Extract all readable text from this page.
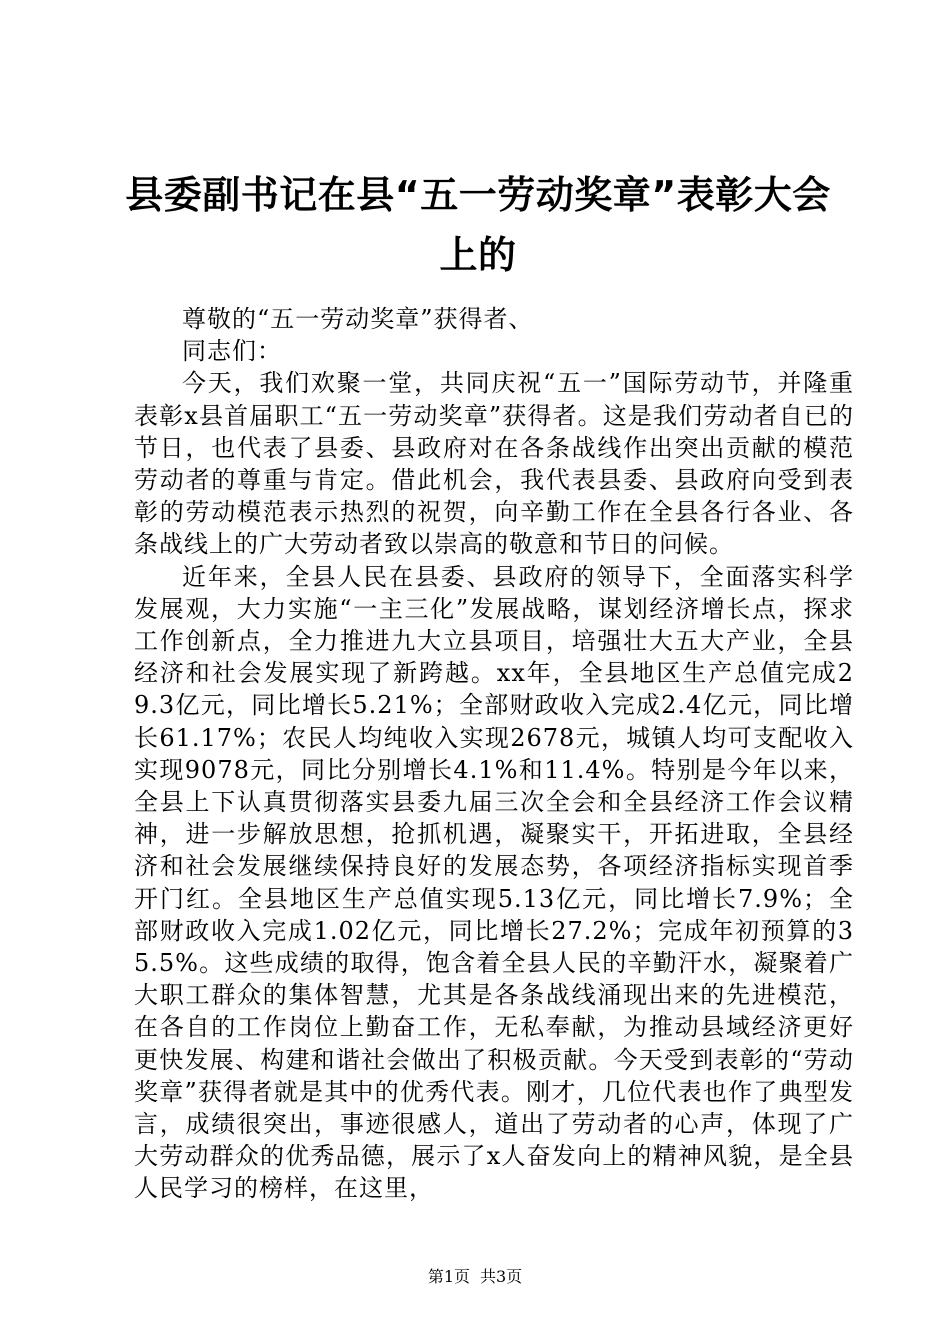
县委副书记在县“五一劳动奖章”表彰大会上的

尊敬的“五一劳动奖章”获得者、

同志们：

今天，我们欢聚一堂，共同庆祝“五一”国际劳动节，并隆重表彰x县首届职工“五一劳动奖章”获得者。这是我们劳动者自已的节日，也代表了县委、县政府对在各条战线作出突出贡献的模范劳动者的尊重与肯定。借此机会，我代表县委、县政府向受到表彰的劳动模范表示热烈的祝贺，向辛勤工作在全县各行各业、各条战线上的广大劳动者致以崇高的敬意和节日的问候。

近年来，全县人民在县委、县政府的领导下，全面落实科学发展观，大力实施“一主三化”发展战略，谋划经济增长点，探求工作创新点，全力推进九大立县项目，培强壮大五大产业，全县经济和社会发展实现了新跨越。xx年，全县地区生产总值完成29.3亿元，同比增长5.21%；全部财政收入完成2.4亿元，同比增长61.17%；农民人均纯收入实现2678元，城镇人均可支配收入实现9078元，同比分别增长4.1%和11.4%。特别是今年以来，全县上下认真贯彻落实县委九届三次全会和全县经济工作会议精神，进一步解放思想，抢抓机遇，凝聚实干，开拓进取，全县经济和社会发展继续保持良好的发展态势，各项经济指标实现首季开门红。全县地区生产总值实现5.13亿元，同比增长7.9%；全部财政收入完成1.02亿元，同比增长27.2%；完成年初预算的35.5%。这些成绩的取得，饱含着全县人民的辛勤汗水，凝聚着广大职工群众的集体智慧，尤其是各条战线涌现出来的先进模范，在各自的工作岗位上勤奋工作，无私奉献，为推动县域经济更好更快发展、构建和谐社会做出了积极贡献。今天受到表彰的“劳动奖章”获得者就是其中的优秀代表。刚才，几位代表也作了典型发言，成绩很突出，事迹很感人，道出了劳动者的心声，体现了广大劳动群众的优秀品德，展示了x人奋发向上的精神风貌，是全县人民学习的榜样，在这里，

第1页 共3页
